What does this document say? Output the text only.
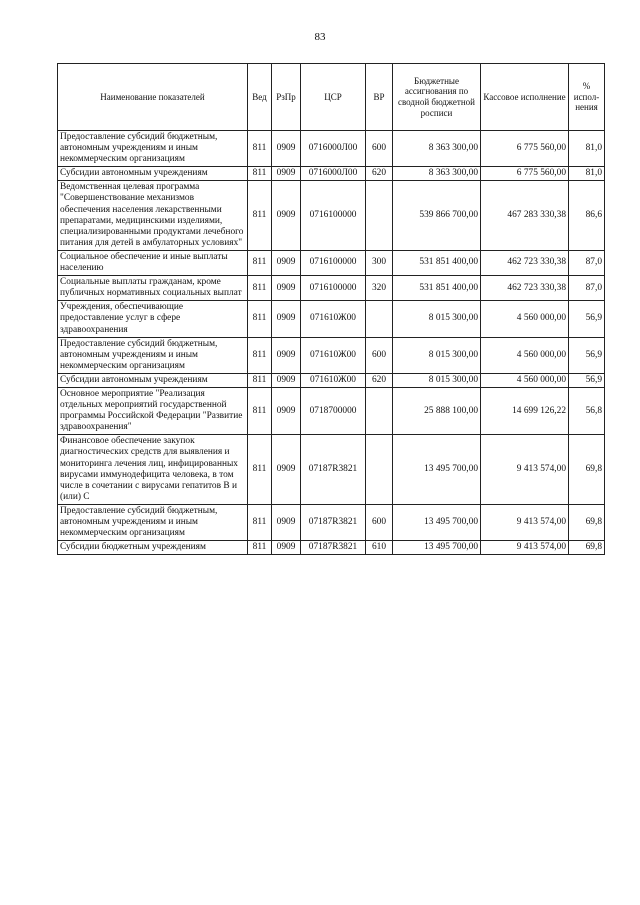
83
Наименование показателей	Вед	РзПр	ЦСР	ВР	Бюджетные ассигнования по сводной бюджетной росписи	Кассовое исполнение	% испол-нения
Предоставление субсидий бюджетным, автономным учреждениям и иным некоммерческим организациям	811	0909	0716000Л00	600	8 363 300,00	6 775 560,00	81,0
Субсидии автономным учреждениям	811	0909	0716000Л00	620	8 363 300,00	6 775 560,00	81,0
Ведомственная целевая программа "Совершенствование механизмов обеспечения населения лекарственными препаратами, медицинскими изделиями, специализированными продуктами лечебного питания для детей в амбулаторных условиях"	811	0909	0716100000		539 866 700,00	467 283 330,38	86,6
Социальное обеспечение и иные выплаты населению	811	0909	0716100000	300	531 851 400,00	462 723 330,38	87,0
Социальные выплаты гражданам, кроме публичных нормативных социальных выплат	811	0909	0716100000	320	531 851 400,00	462 723 330,38	87,0
Учреждения, обеспечивающие предоставление услуг в сфере здравоохранения	811	0909	071610Ж00		8 015 300,00	4 560 000,00	56,9
Предоставление субсидий бюджетным, автономным учреждениям и иным некоммерческим организациям	811	0909	071610Ж00	600	8 015 300,00	4 560 000,00	56,9
Субсидии автономным учреждениям	811	0909	071610Ж00	620	8 015 300,00	4 560 000,00	56,9
Основное мероприятие "Реализация отдельных мероприятий государственной программы Российской Федерации "Развитие здравоохранения"	811	0909	0718700000		25 888 100,00	14 699 126,22	56,8
Финансовое обеспечение закупок диагностических средств для выявления и мониторинга лечения лиц, инфицированных вирусами иммунодефицита человека, в том числе в сочетании с вирусами гепатитов B и (или) C	811	0909	07187R3821		13 495 700,00	9 413 574,00	69,8
Предоставление субсидий бюджетным, автономным учреждениям и иным некоммерческим организациям	811	0909	07187R3821	600	13 495 700,00	9 413 574,00	69,8
Субсидии бюджетным учреждениям	811	0909	07187R3821	610	13 495 700,00	9 413 574,00	69,8
